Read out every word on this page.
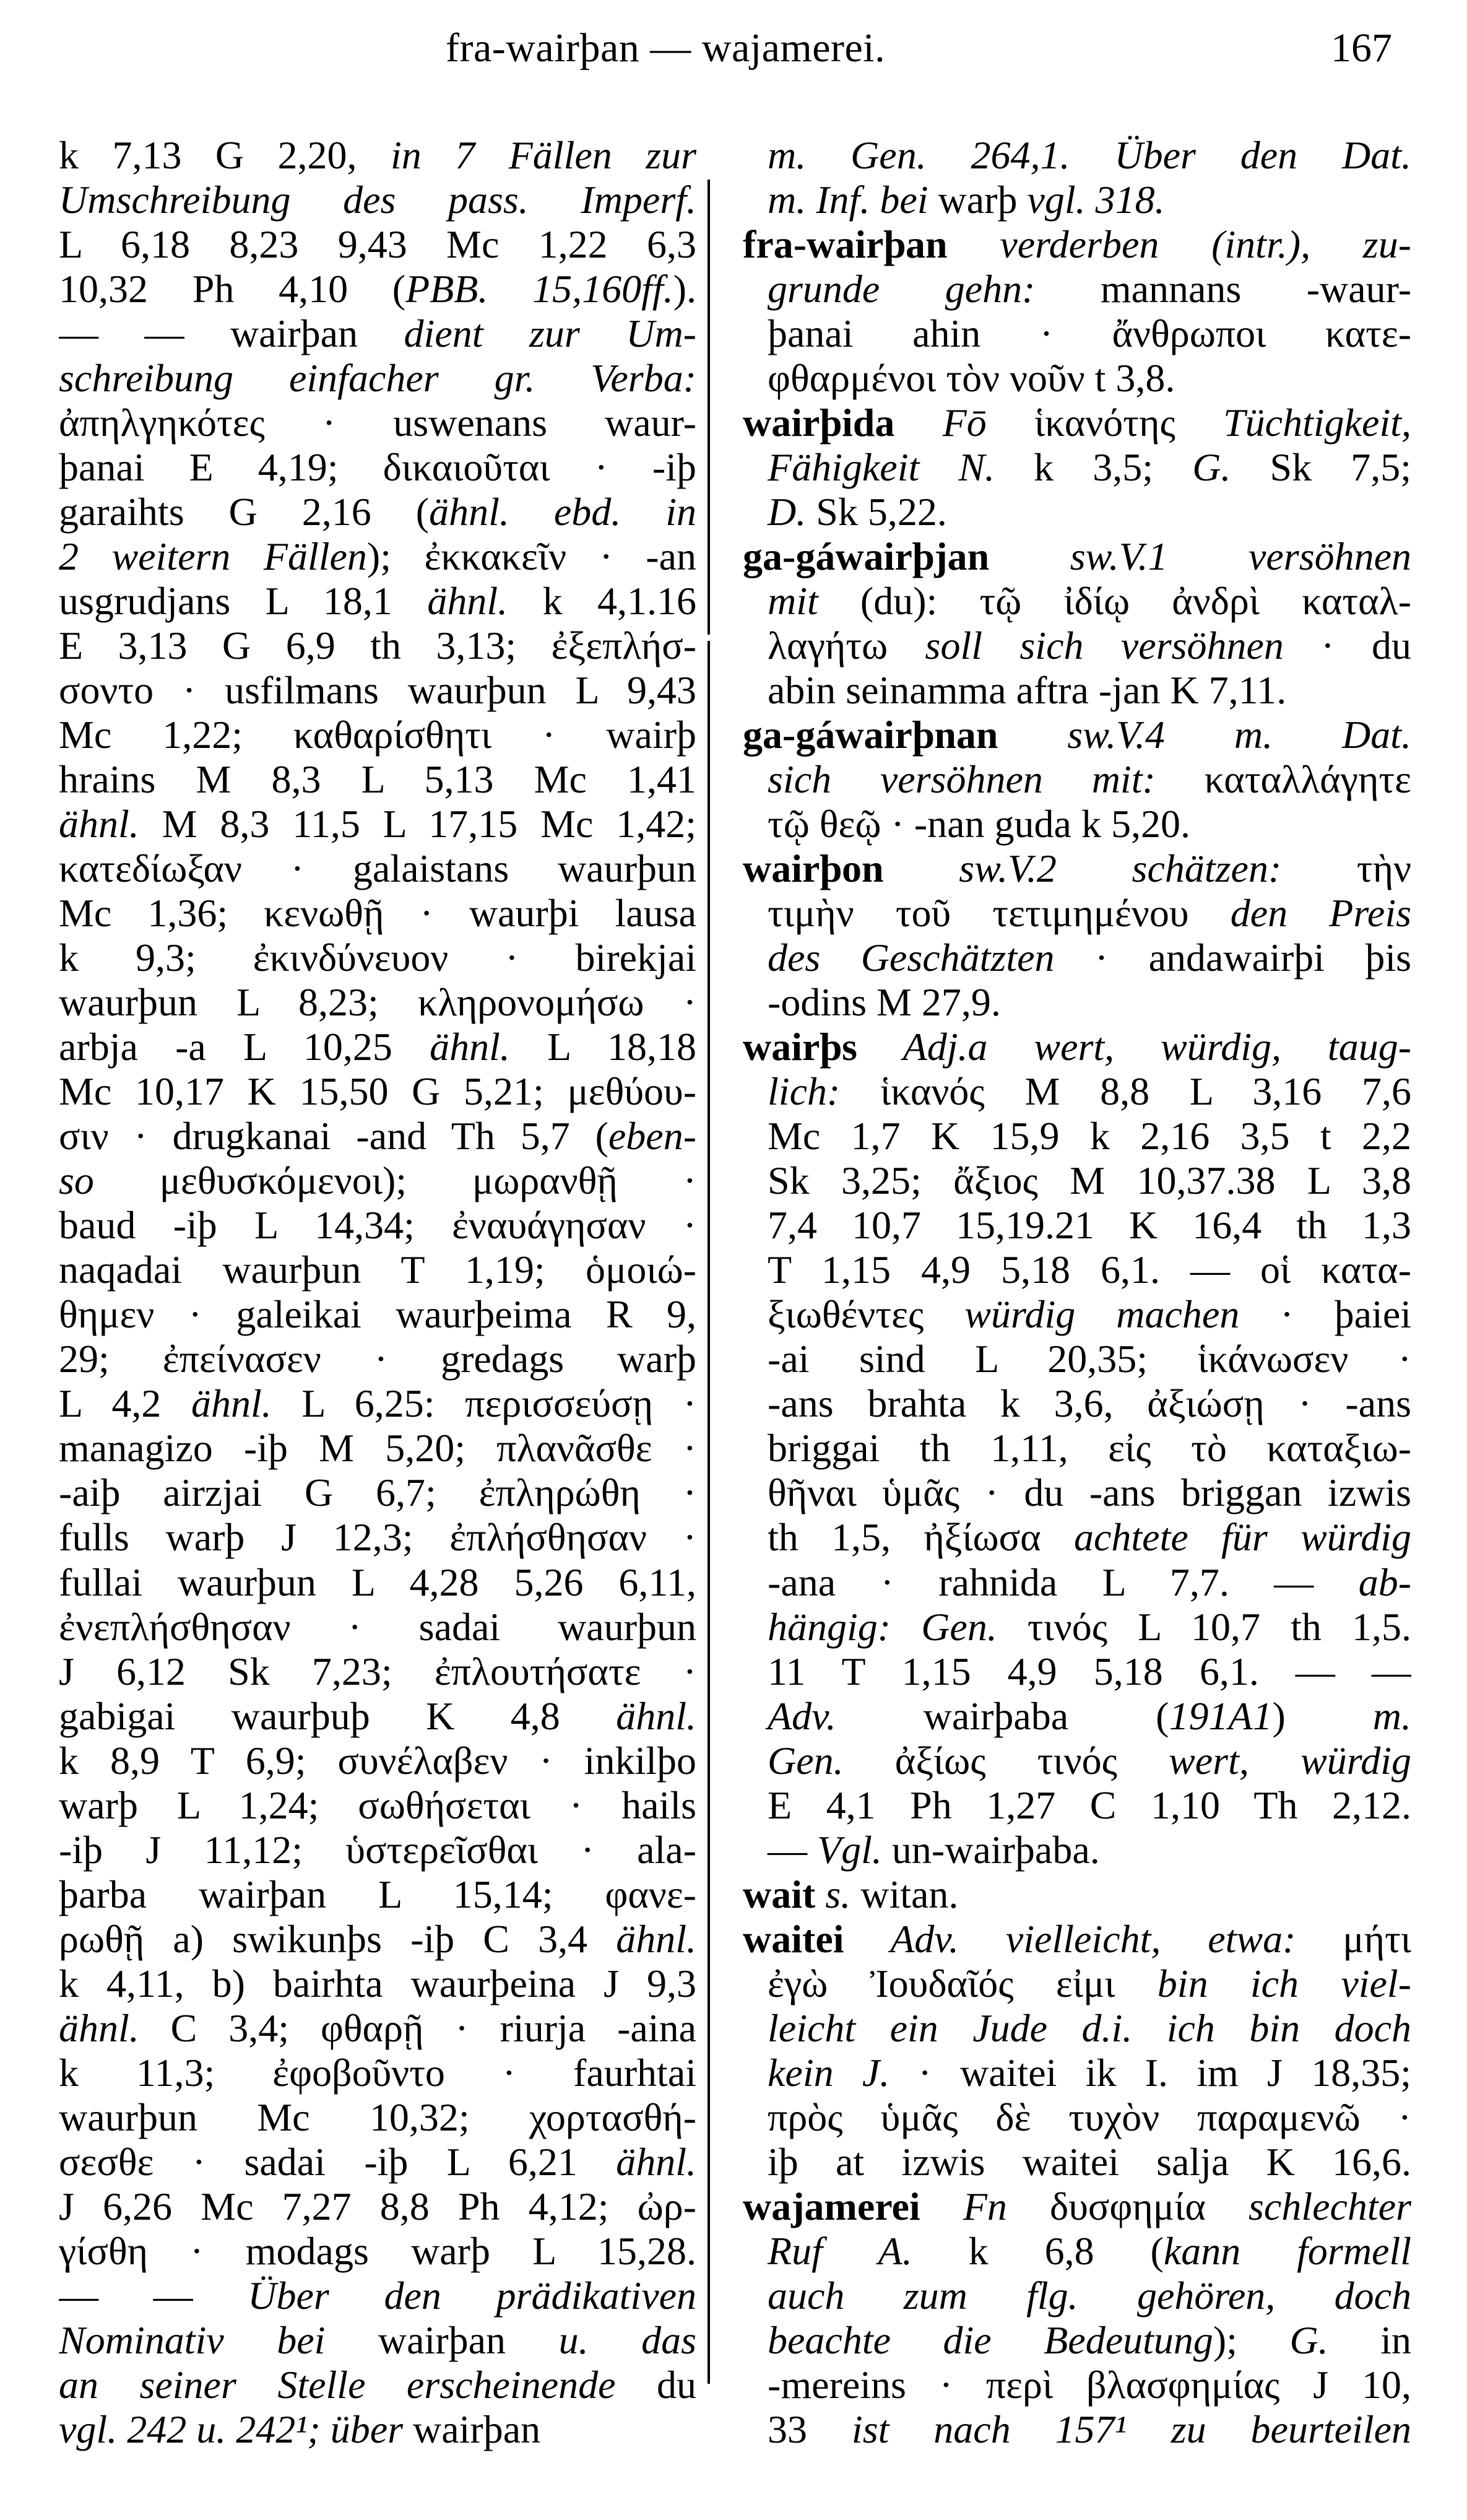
fra-wairþan — wajamerei.	167
k 7,13 G 2,20, in 7 Fällen zur
Umschreibung des pass. Imperf.
L 6,18 8,23 9,43 Mc 1,22 6,3
10,32 Ph 4,10 (PBB. 15,160ff.).
— — wairþan dient zur Um-
schreibung einfacher gr. Verba:
ἀπηλγηκότες · uswenans waur-
þanai E 4,19; δικαιοῦται · -iþ
garaihts G 2,16 (ähnl. ebd. in
2 weitern Fällen); ἐκκακεῖν · -an
usgrudjans L 18,1 ähnl. k 4,1.16
E 3,13 G 6,9 th 3,13; ἐξεπλήσ-
σοντο · usfilmans waurþun L 9,43
Mc 1,22; καθαρίσθητι · wairþ
hrains M 8,3 L 5,13 Mc 1,41
ähnl. M 8,3 11,5 L 17,15 Mc 1,42;
κατεδίωξαν · galaistans waurþun
Mc 1,36; κενωθῇ · waurþi lausa
k 9,3; ἐκινδύνευον · birekjai
waurþun L 8,23; κληρονομήσω ·
arbja -a L 10,25 ähnl. L 18,18
Mc 10,17 K 15,50 G 5,21; μεθύου-
σιν · drugkanai -and Th 5,7 (eben-
so μεθυσκόμενοι); μωρανθῇ ·
baud -iþ L 14,34; ἐναυάγησαν ·
naqadai waurþun T 1,19; ὁμοιώ-
θημεν · galeikai waurþeima R 9,
29; ἐπείνασεν · gredags warþ
L 4,2 ähnl. L 6,25: περισσεύσῃ ·
managizo -iþ M 5,20; πλανᾶσθε ·
-aiþ airzjai G 6,7; ἐπληρώθη ·
fulls warþ J 12,3; ἐπλήσθησαν ·
fullai waurþun L 4,28 5,26 6,11,
ἐνεπλήσθησαν · sadai waurþun
J 6,12 Sk 7,23; ἐπλουτήσατε ·
gabigai waurþuþ K 4,8 ähnl.
k 8,9 T 6,9; συνέλαβεν · inkilþo
warþ L 1,24; σωθήσεται · hails
-iþ J 11,12; ὑστερεῖσθαι · ala-
þarba wairþan L 15,14; φανε-
ρωθῇ a) swikunþs -iþ C 3,4 ähnl.
k 4,11, b) bairhta waurþeina J 9,3
ähnl. C 3,4; φθαρῇ · riurja -aina
k 11,3; ἐφοβοῦντο · faurhtai
waurþun Mc 10,32; χορτασθή-
σεσθε · sadai -iþ L 6,21 ähnl.
J 6,26 Mc 7,27 8,8 Ph 4,12; ὠρ-
γίσθη · modags warþ L 15,28.
— — Über den prädikativen
Nominativ bei wairþan u. das
an seiner Stelle erscheinende du
vgl. 242 u. 242¹; über wairþan
m. Gen. 264,1. Über den Dat.
m. Inf. bei warþ vgl. 318.
fra-wairþan verderben (intr.), zu-
grunde gehn: mannans -waur-
þanai ahin · ἄνθρωποι κατε-
φθαρμένοι τὸν νοῦν t 3,8.
wairþida Fō ἱκανότης Tüchtigkeit,
Fähigkeit N. k 3,5; G. Sk 7,5;
D. Sk 5,22.
ga-gáwairþjan sw.V.1 versöhnen
mit (du): τῷ ἰδίῳ ἀνδρὶ καταλ-
λαγήτω soll sich versöhnen · du
abin seinamma aftra -jan K 7,11.
ga-gáwairþnan sw.V.4 m. Dat.
sich versöhnen mit: καταλλάγητε
τῷ θεῷ · -nan guda k 5,20.
wairþon sw.V.2 schätzen: τὴν
τιμὴν τοῦ τετιμημένου den Preis
des Geschätzten · andawairþi þis
-odins M 27,9.
wairþs Adj.a wert, würdig, taug-
lich: ἱκανός M 8,8 L 3,16 7,6
Mc 1,7 K 15,9 k 2,16 3,5 t 2,2
Sk 3,25; ἄξιος M 10,37.38 L 3,8
7,4 10,7 15,19.21 K 16,4 th 1,3
T 1,15 4,9 5,18 6,1. — οἱ κατα-
ξιωθέντες würdig machen · þaiei
-ai sind L 20,35; ἱκάνωσεν ·
-ans brahta k 3,6, ἀξιώσῃ · -ans
briggai th 1,11, εἰς τὸ καταξιω-
θῆναι ὑμᾶς · du -ans briggan izwis
th 1,5, ἠξίωσα achtete für würdig
-ana · rahnida L 7,7. — ab-
hängig: Gen. τινός L 10,7 th 1,5.
11 T 1,15 4,9 5,18 6,1. — —
Adv. wairþaba (191A1) m.
Gen. ἀξίως τινός wert, würdig
E 4,1 Ph 1,27 C 1,10 Th 2,12.
— Vgl. un-wairþaba.
wait s. witan.
waitei Adv. vielleicht, etwa: μήτι
ἐγὼ Ἰουδαῖός εἰμι bin ich viel-
leicht ein Jude d.i. ich bin doch
kein J. · waitei ik I. im J 18,35;
πρὸς ὑμᾶς δὲ τυχὸν παραμενῶ ·
iþ at izwis waitei salja K 16,6.
wajamerei Fn δυσφημία schlechter
Ruf A. k 6,8 (kann formell
auch zum flg. gehören, doch
beachte die Bedeutung); G. in
-mereins · περὶ βλασφημίας J 10,
33 ist nach 157¹ zu beurteilen
